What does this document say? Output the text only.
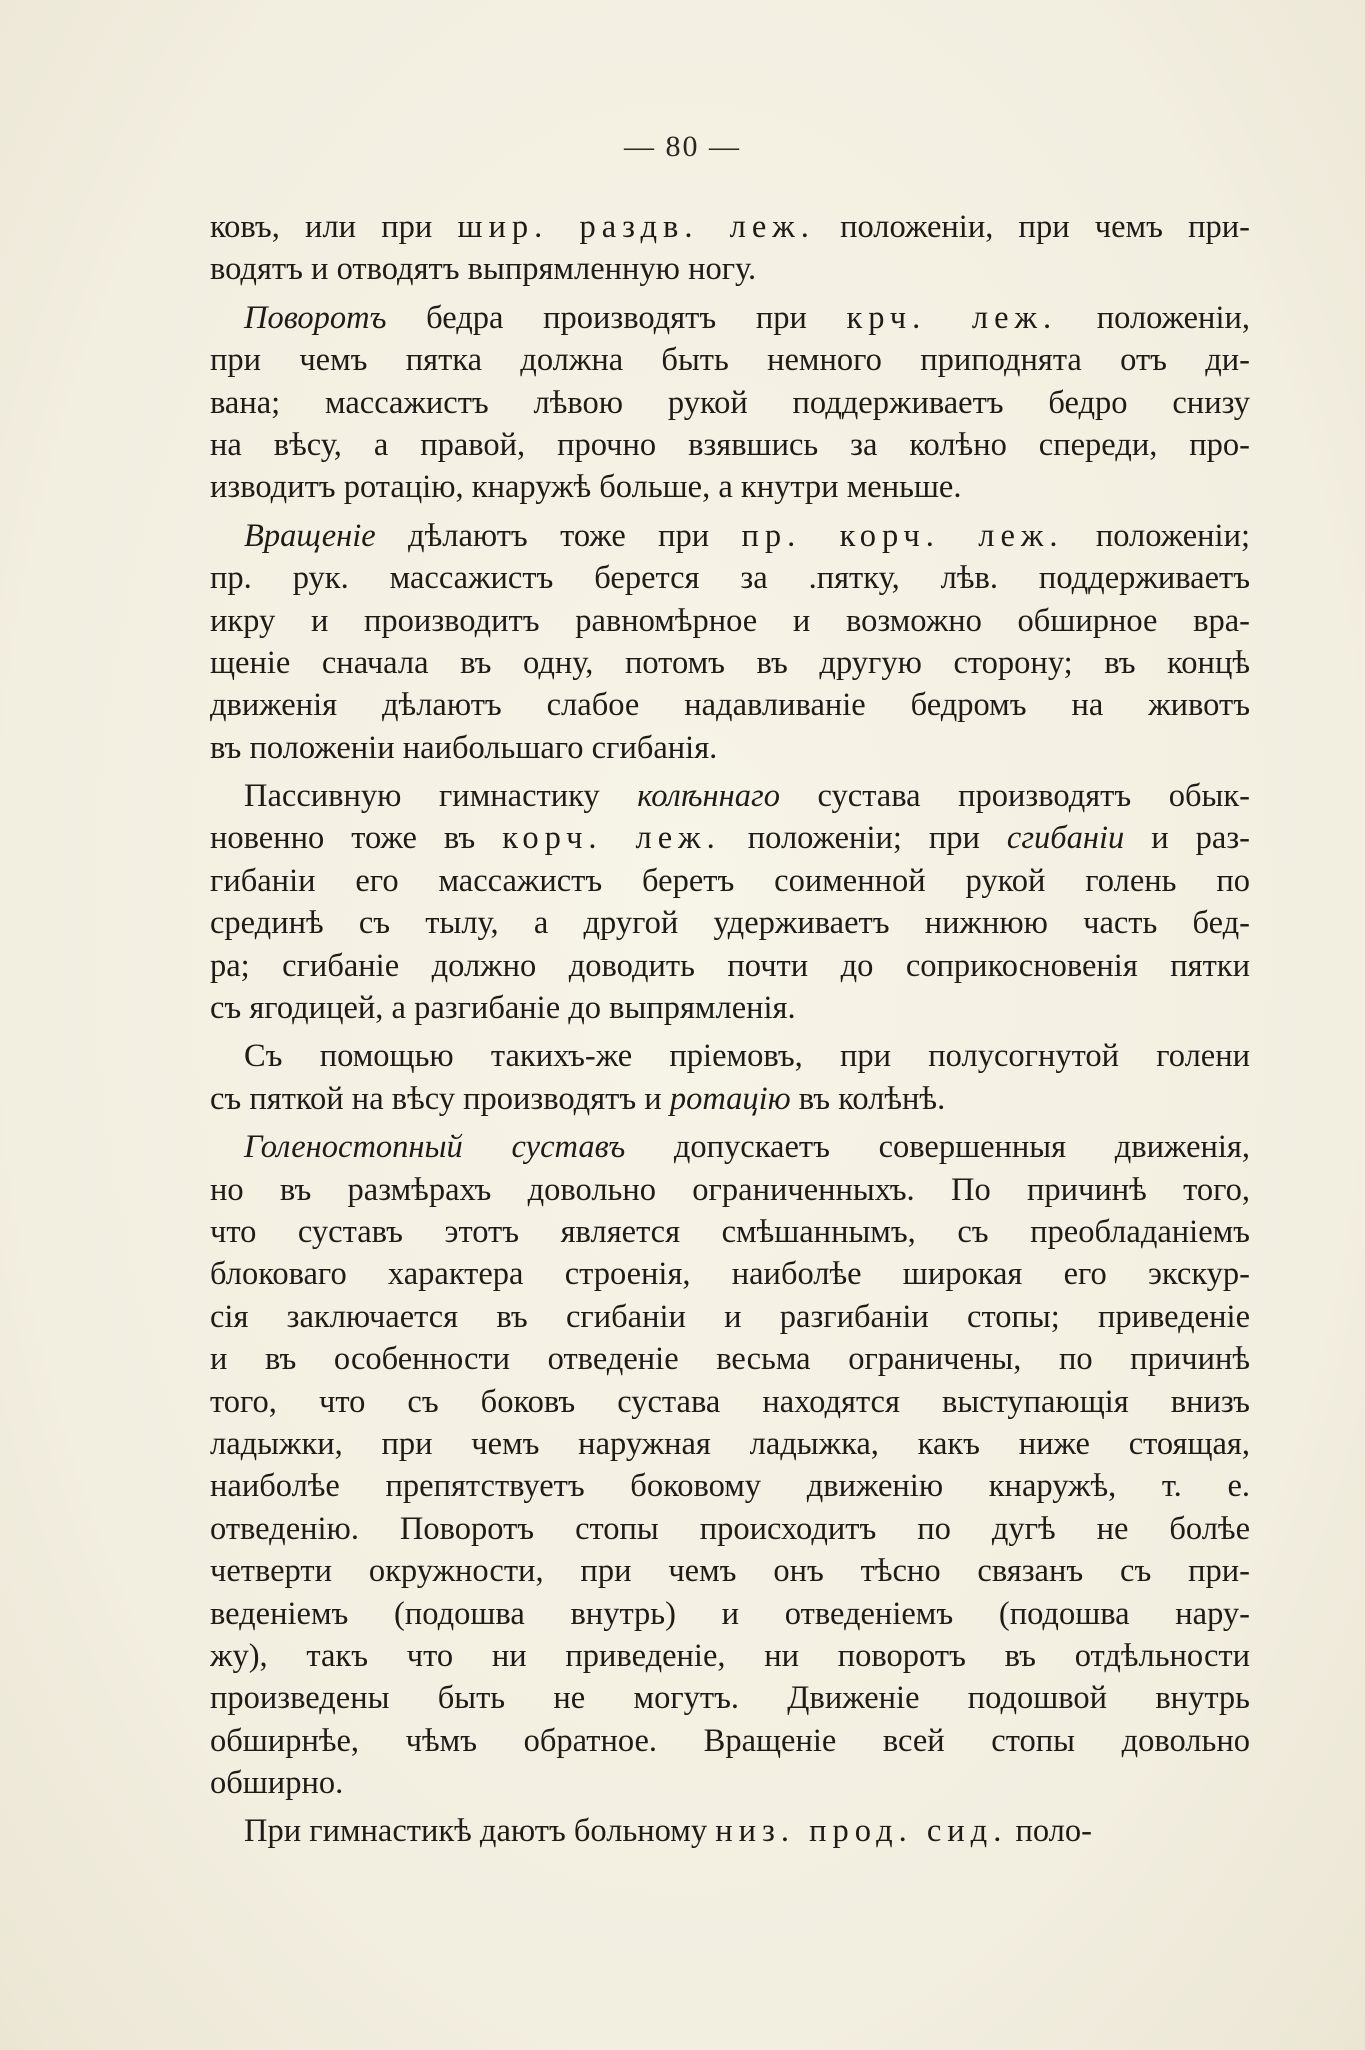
— 80 —
ковъ, или при шир. раздв. леж. положенiи, при чемъ при-
водятъ и отводятъ выпрямленную ногу.
Поворотъ бедра производятъ при крч. леж. положенiи,
при чемъ пятка должна быть немного приподнята отъ ди-
вана; массажистъ лѣвою рукой поддерживаетъ бедро снизу
на вѣсу, а правой, прочно взявшись за колѣно спереди, про-
изводитъ ротацiю, кнаружѣ больше, а кнутри меньше.
Вращенiе дѣлаютъ тоже при пр. корч. леж. положенiи;
пр. рук. массажистъ берется за .пятку, лѣв. поддерживаетъ
икру и производитъ равномѣрное и возможно обширное вра-
щенiе сначала въ одну, потомъ въ другую сторону; въ концѣ
движенiя дѣлаютъ слабое надавливанiе бедромъ на животъ
въ положенiи наибольшаго сгибанiя.
Пассивную гимнастику колѣннаго сустава производятъ обык-
новенно тоже въ корч. леж. положенiи; при сгибанiи и раз-
гибанiи его массажистъ беретъ соименной рукой голень по
срединѣ съ тылу, а другой удерживаетъ нижнюю часть бед-
ра; сгибанiе должно доводить почти до соприкосновенiя пятки
съ ягодицей, а разгибанiе до выпрямленiя.
Съ помощью такихъ-же прiемовъ, при полусогнутой голени
съ пяткой на вѣсу производятъ и ротацiю въ колѣнѣ.
Голеностопный суставъ допускаетъ совершенныя движенiя,
но въ размѣрахъ довольно ограниченныхъ. По причинѣ того,
что суставъ этотъ является смѣшаннымъ, съ преобладанiемъ
блоковаго характера строенiя, наиболѣе широкая его экскур-
сiя заключается въ сгибанiи и разгибанiи стопы; приведенiе
и въ особенности отведенiе весьма ограничены, по причинѣ
того, что съ боковъ сустава находятся выступающiя внизъ
ладыжки, при чемъ наружная ладыжка, какъ ниже стоящая,
наиболѣе препятствуетъ боковому движенiю кнаружѣ, т. е.
отведенiю. Поворотъ стопы происходитъ по дугѣ не болѣе
четверти окружности, при чемъ онъ тѣсно связанъ съ при-
веденiемъ (подошва внутрь) и отведенiемъ (подошва нару-
жу), такъ что ни приведенiе, ни поворотъ въ отдѣльности
произведены быть не могутъ. Движенiе подошвой внутрь
обширнѣе, чѣмъ обратное. Вращенiе всей стопы довольно
обширно.
При гимнастикѣ даютъ больному низ. прод. сид. поло-
